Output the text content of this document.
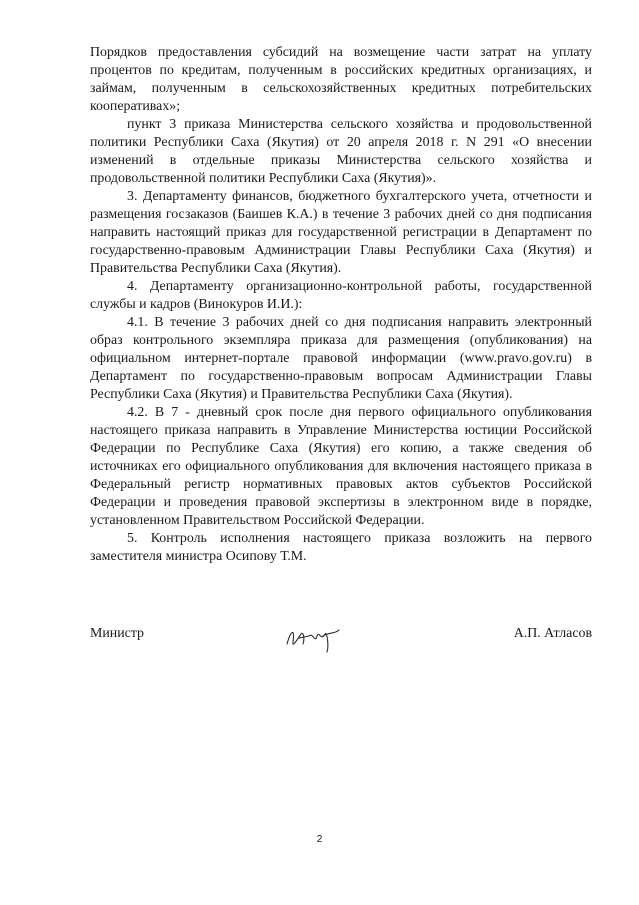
Порядков предоставления субсидий на возмещение части затрат на уплату процентов по кредитам, полученным в российских кредитных организациях, и займам, полученным в сельскохозяйственных кредитных потребительских кооперативах»;

пункт 3 приказа Министерства сельского хозяйства и продовольственной политики Республики Саха (Якутия) от 20 апреля 2018 г. N 291 «О внесении изменений в отдельные приказы Министерства сельского хозяйства и продовольственной политики Республики Саха (Якутия)».

3. Департаменту финансов, бюджетного бухгалтерского учета, отчетности и размещения госзаказов (Баишев К.А.) в течение 3 рабочих дней со дня подписания направить настоящий приказ для государственной регистрации в Департамент по государственно-правовым Администрации Главы Республики Саха (Якутия) и Правительства Республики Саха (Якутия).

4. Департаменту организационно-контрольной работы, государственной службы и кадров (Винокуров И.И.):

4.1. В течение 3 рабочих дней со дня подписания направить электронный образ контрольного экземпляра приказа для размещения (опубликования) на официальном интернет-портале правовой информации (www.pravo.gov.ru) в Департамент по государственно-правовым вопросам Администрации Главы Республики Саха (Якутия) и Правительства Республики Саха (Якутия).

4.2. В 7 - дневный срок после дня первого официального опубликования настоящего приказа направить в Управление Министерства юстиции Российской Федерации по Республике Саха (Якутия) его копию, а также сведения об источниках его официального опубликования для включения настоящего приказа в Федеральный регистр нормативных правовых актов субъектов Российской Федерации и проведения правовой экспертизы в электронном виде в порядке, установленном Правительством Российской Федерации.

5. Контроль исполнения настоящего приказа возложить на первого заместителя министра Осипову Т.М.

Министр	А.П. Атласов
2
